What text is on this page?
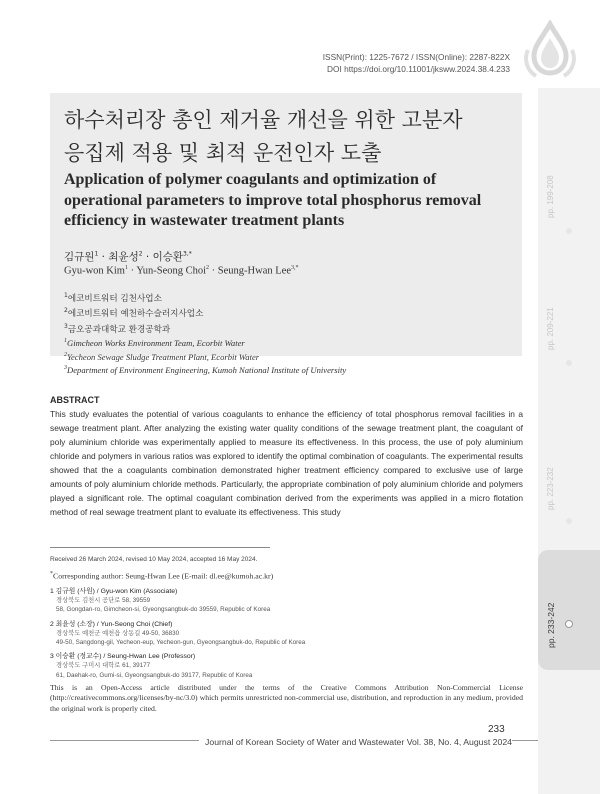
ISSN(Print): 1225-7672 / ISSN(Online): 2287-822X
DOI https://doi.org/10.11001/jksww.2024.38.4.233
pp. 199-208
pp. 209-221
pp. 223-232
pp. 233-242
하수처리장 총인 제거율 개선을 위한 고분자
응집제 적용 및 최적 운전인자 도출
Application of polymer coagulants and optimization of operational parameters to improve total phosphorus removal efficiency in wastewater treatment plants
김규원$^1$ · 최윤성$^2$ · 이승환$^{3,*}$
Gyu-won Kim$^1$ · Yun-Seong Choi$^2$ · Seung-Hwan Lee$^{3,*}$
$^1$에코비트워터 김천사업소
$^2$에코비트워터 예천하수슬러지사업소
$^3$금오공과대학교 환경공학과
$^1$Gimcheon Works Environment Team, Ecorbit Water
$^2$Yecheon Sewage Sludge Treatment Plant, Ecorbit Water
$^3$Department of Environment Engineering, Kumoh National Institute of University
ABSTRACT
This study evaluates the potential of various coagulants to enhance the efficiency of total phosphorus removal facilities in a sewage treatment plant. After analyzing the existing water quality conditions of the sewage treatment plant, the coagulant of poly aluminium chloride was experimentally applied to measure its effectiveness. In this process, the use of poly aluminium chloride and polymers in various ratios was explored to identify the optimal combination of coagulants. The experimental results showed that the a coagulants combination demonstrated higher treatment efficiency compared to exclusive use of large amounts of poly aluminium chloride methods. Particularly, the appropriate combination of poly aluminium chloride and polymers played a significant role. The optimal coagulant combination derived from the experiments was applied in a micro flotation method of real sewage treatment plant to evaluate its effectiveness. This study
Received 26 March 2024, revised 10 May 2024, accepted 16 May 2024.
*Corresponding author: Seung-Hwan Lee (E-mail: dl.ee@kumoh.ac.kr)
1 김규원 (사원) / Gyu-won Kim (Associate)
경상북도 김천시 공단로 58, 39559
58, Gongdan-ro, Gimcheon-si, Gyeongsangbuk-do 39559, Republic of Korea
2 최윤성 (소장) / Yun-Seong Choi (Chief)
경상북도 예천군 예천읍 상동길 49-50, 36830
49-50, Sangdong-gil, Yecheon-eup, Yecheon-gun, Gyeongsangbuk-do, Republic of Korea
3 이승환 (정교수) / Seung-Hwan Lee (Professor)
경상북도 구미시 대학로 61, 39177
61, Daehak-ro, Gumi-si, Gyeongsangbuk-do 39177, Republic of Korea
This is an Open-Access article distributed under the terms of the Creative Commons Attribution Non-Commercial License (http://creativecommons.org/licenses/by-nc/3.0) which permits unrestricted non-commercial use, distribution, and reproduction in any medium, provided the original work is properly cited.
233
Journal of Korean Society of Water and Wastewater Vol. 38, No. 4, August 2024
